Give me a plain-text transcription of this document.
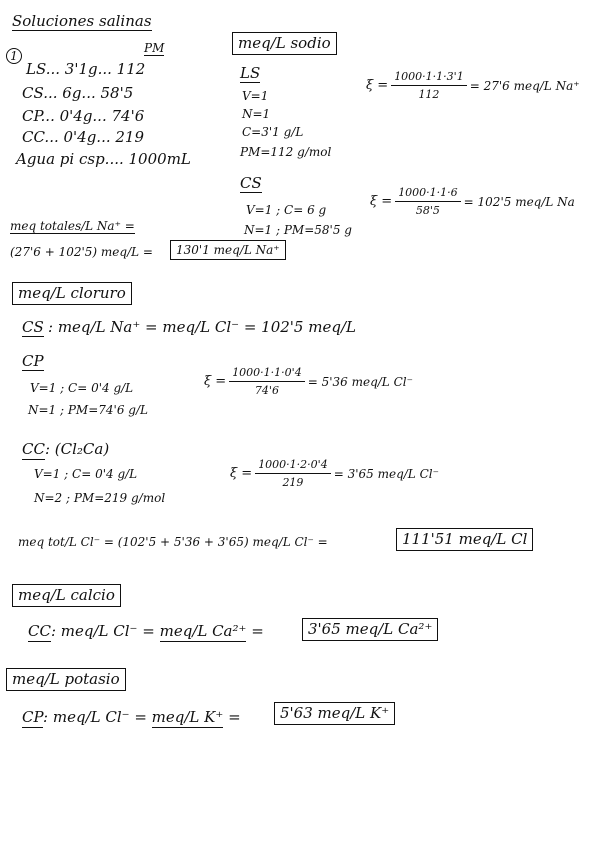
Soluciones salinas
1
PM
LS... 3'1g... 112
CS... 6g... 58'5
CP... 0'4g... 74'6
CC... 0'4g... 219
Agua pi csp.... 1000mL
meq/L sodio
LS
V=1
N=1
C=3'1 g/L
PM=112 g/mol
$\xi = \frac{1000\cdot 1\cdot 1\cdot 3'1}{112} = 27'6$ meq/L Na⁺
CS
V=1 ; C= 6 g
N=1 ; PM=58'5 g
$\xi = \frac{1000\cdot 1\cdot 1\cdot 6}{58'5} = 102'5$ meq/L Na
meq totales/L Na⁺ =
(27'6 + 102'5) meq/L =	130'1 meq/L Na⁺
meq/L cloruro
CS : meq/L Na⁺ = meq/L Cl⁻ = 102'5 meq/L
CP
V=1 ; C= 0'4 g/L
N=1 ; PM=74'6 g/L
$\xi = \frac{1000\cdot 1\cdot 1\cdot 0'4}{74'6} = 5'36$ meq/L Cl⁻
CC: (Cl₂Ca)
V=1 ; C= 0'4 g/L
N=2 ; PM=219 g/mol
$\xi = \frac{1000\cdot 1\cdot 2\cdot 0'4}{219} = 3'65$ meq/L Cl⁻
meq tot/L Cl⁻ = (102'5 + 5'36 + 3'65) meq/L Cl⁻ =	111'51 meq/L Cl
meq/L calcio
CC: meq/L Cl⁻ = meq/L Ca²⁺ =	3'65 meq/L Ca²⁺
meq/L potasio
CP: meq/L Cl⁻ = meq/L K⁺ =	5'63 meq/L K⁺
